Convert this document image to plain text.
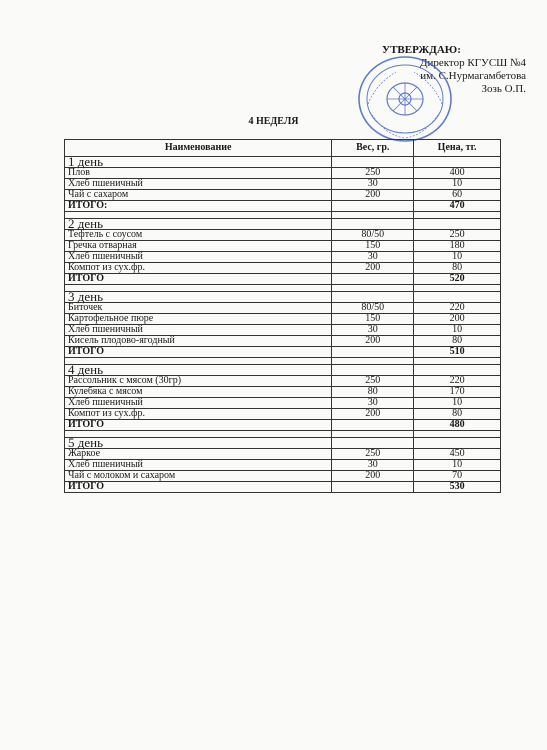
УТВЕРЖДАЮ:
Директор КГУСШ №4
им. С.Нурмагамбетова
Зозь О.П.
4 НЕДЕЛЯ
Наименование	Вес, гр.	Цена, тг.
1 день		
Плов	250	400
Хлеб пшеничный	30	10
Чай с сахаром	200	60
ИТОГО:		470

2 день		
Тефтель с соусом	80/50	250
Гречка отварная	150	180
Хлеб пшеничный	30	10
Компот из сух.фр.	200	80
ИТОГО		520

3 день		
Биточек	80/50	220
Картофельное пюре	150	200
Хлеб пшеничный	30	10
Кисель плодово-ягодный	200	80
ИТОГО		510

4 день		
Рассольник с мясом (30гр)	250	220
Кулебяка с мясом	80	170
Хлеб пшеничный	30	10
Компот из сух.фр.	200	80
ИТОГО		480

5 день		
Жаркое	250	450
Хлеб пшеничный	30	10
Чай с молоком и сахаром	200	70
ИТОГО		530
